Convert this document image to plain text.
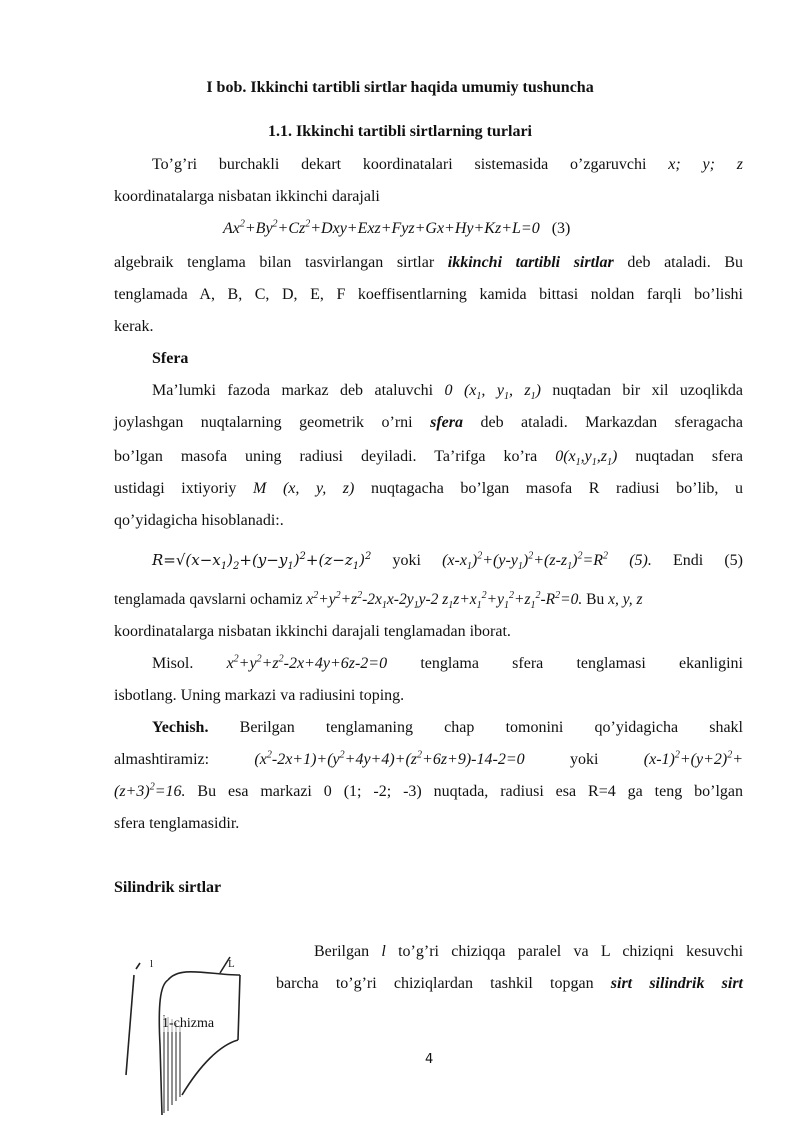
I bob. Ikkinchi tartibli sirtlar haqida umumiy tushuncha
1.1. Ikkinchi tartibli sirtlarning turlari
To’g’ri burchakli dekart koordinatalari sistemasida o’zgaruvchi x; y; z
koordinatalarga nisbatan ikkinchi darajali
$Ax^2+By^2+Cz^2+Dxy+Exz+Fyz+Gx+Hy+Kz+L=0$ (3)
algebraik tenglama bilan tasvirlangan sirtlar ikkinchi tartibli sirtlar deb ataladi. Bu
tenglamada A, B, C, D, E, F koeffisentlarning kamida bittasi noldan farqli bo’lishi
kerak.
Sfera
Ma’lumki fazoda markaz deb ataluvchi 0 ($x_1$, $y_1$, $z_1$) nuqtadan bir xil uzoqlikda
joylashgan nuqtalarning geometrik o’rni sfera deb ataladi. Markazdan sferagacha
bo’lgan masofa uning radiusi deyiladi. Ta’rifga ko’ra $0(x_1,y_1,z_1)$ nuqtadan sfera
ustidagi ixtiyoriy M (x, y, z) nuqtagacha bo’lgan masofa R radiusi bo’lib, u
qo’yidagicha hisoblanadi:.
$R=√(x-x_1)_2+(y-y_1)^2+(z-z_1)^2$ yoki $(x-x_1)^2+(y-y_1)^2+(z-z_1)^2=R^2$ (5). Endi (5)
tenglamada qavslarni ochamiz $x^2+y^2+z^2-2x_1x-2y_1y-2$ $z_1z+x_1^2+y_1^2+z_1^2-R^2=0$. Bu x, y, z
koordinatalarga nisbatan ikkinchi darajali tenglamadan iborat.
Misol. $x^2+y^2+z^2-2x+4y+6z-2=0$ tenglama sfera tenglamasi ekanligini
isbotlang. Uning markazi va radiusini toping.
Yechish. Berilgan tenglamaning chap tomonini qo’yidagicha shakl
almashtiramiz:	$(x^2-2x+1)+(y^2+4y+4)+(z^2+6z+9)-14-2=0$	yoki	$(x-1)^2+(y+2)^2+$
$(z+3)^2=16$. Bu esa markazi 0 (1; -2; -3) nuqtada, radiusi esa R=4 ga teng bo’lgan
sfera tenglamasidir.
Silindrik sirtlar
Berilgan l to’g’ri chiziqqa paralel va L chiziqni kesuvchi
barcha to’g’ri chiziqlardan tashkil topgan sirt silindrik sirt
l	L
1-chizma
4
